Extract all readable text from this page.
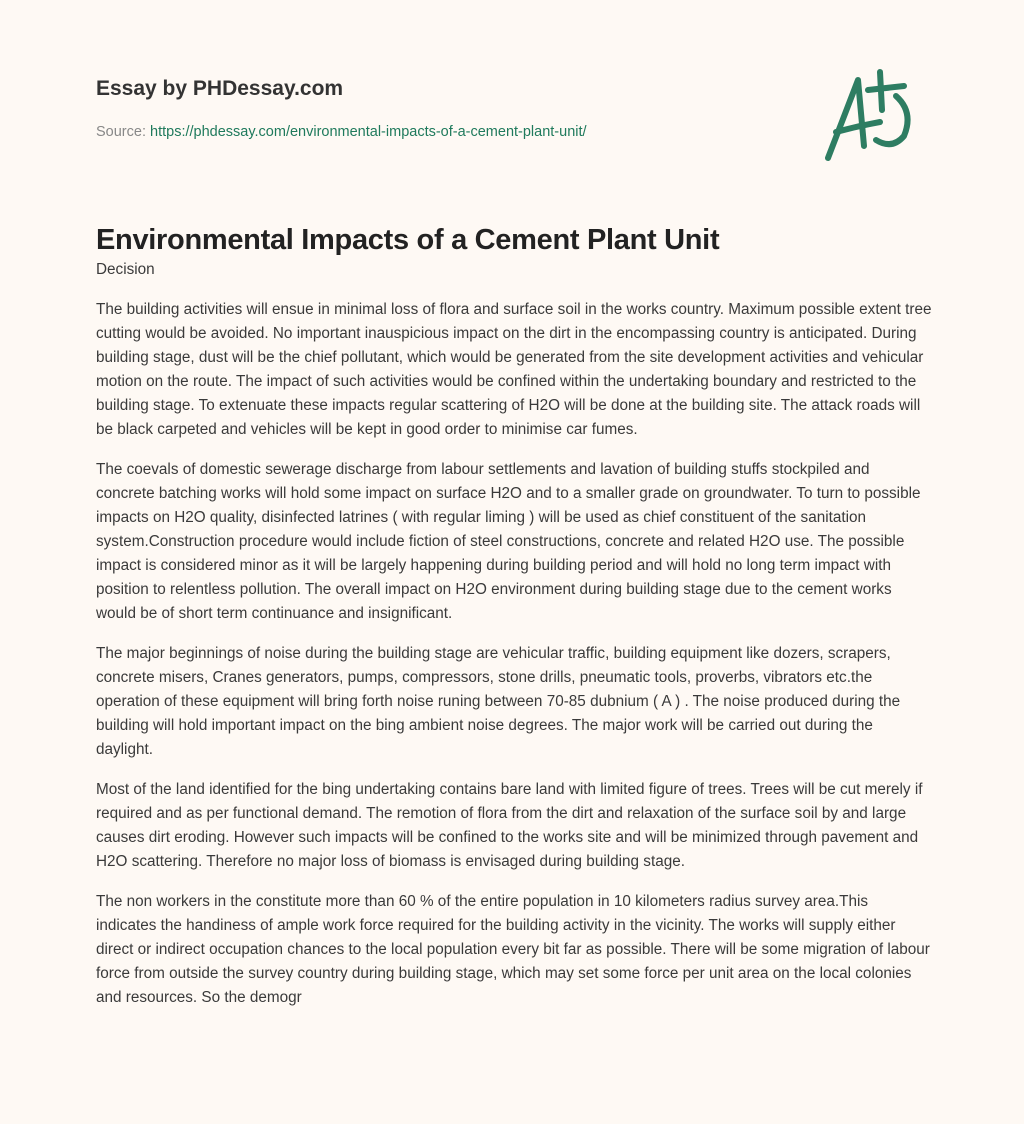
Essay by PHDessay.com
Source: https://phdessay.com/environmental-impacts-of-a-cement-plant-unit/
Environmental Impacts of a Cement Plant Unit

Decision

The building activities will ensue in minimal loss of flora and surface soil in the works country. Maximum possible extent tree cutting would be avoided. No important inauspicious impact on the dirt in the encompassing country is anticipated. During building stage, dust will be the chief pollutant, which would be generated from the site development activities and vehicular motion on the route. The impact of such activities would be confined within the undertaking boundary and restricted to the building stage. To extenuate these impacts regular scattering of H2O will be done at the building site. The attack roads will be black carpeted and vehicles will be kept in good order to minimise car fumes.

The coevals of domestic sewerage discharge from labour settlements and lavation of building stuffs stockpiled and concrete batching works will hold some impact on surface H2O and to a smaller grade on groundwater. To turn to possible impacts on H2O quality, disinfected latrines ( with regular liming ) will be used as chief constituent of the sanitation system.Construction procedure would include fiction of steel constructions, concrete and related H2O use. The possible impact is considered minor as it will be largely happening during building period and will hold no long term impact with position to relentless pollution. The overall impact on H2O environment during building stage due to the cement works would be of short term continuance and insignificant.

The major beginnings of noise during the building stage are vehicular traffic, building equipment like dozers, scrapers, concrete misers, Cranes generators, pumps, compressors, stone drills, pneumatic tools, proverbs, vibrators etc.the operation of these equipment will bring forth noise runing between 70-85 dubnium ( A ) . The noise produced during the building will hold important impact on the bing ambient noise degrees. The major work will be carried out during the daylight.

Most of the land identified for the bing undertaking contains bare land with limited figure of trees. Trees will be cut merely if required and as per functional demand. The remotion of flora from the dirt and relaxation of the surface soil by and large causes dirt eroding. However such impacts will be confined to the works site and will be minimized through pavement and H2O scattering. Therefore no major loss of biomass is envisaged during building stage.

The non workers in the constitute more than 60 % of the entire population in 10 kilometers radius survey area.This indicates the handiness of ample work force required for the building activity in the vicinity. The works will supply either direct or indirect occupation chances to the local population every bit far as possible. There will be some migration of labour force from outside the survey country during building stage, which may set some force per unit area on the local colonies and resources. So the demogr
